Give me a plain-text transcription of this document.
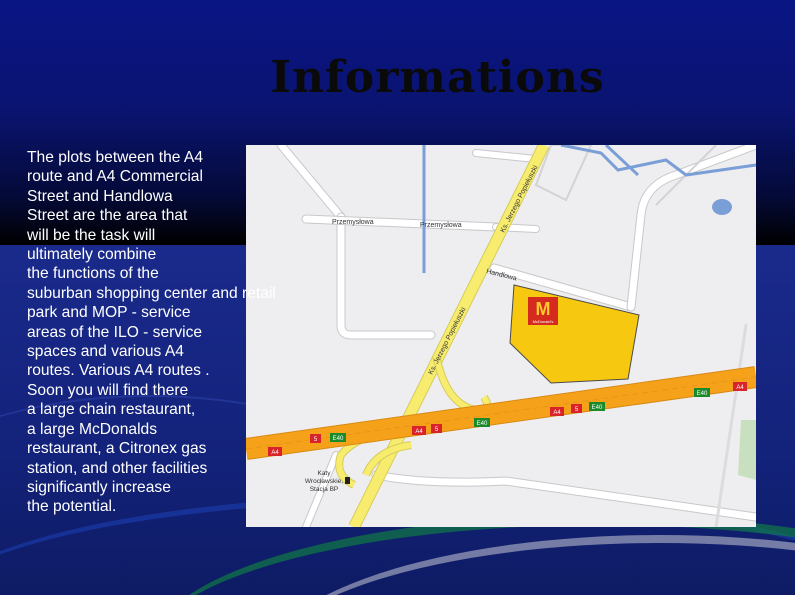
Informations

The plots between the A4
route and A4 Commercial
Street and Handlowa
Street are the area that
will be the task will
ultimately combine
the functions of the
suburban shopping center and retail
park and MOP - service
areas of the ILO - service
spaces and various A4
routes. Various A4 routes .
Soon you will find there
a large chain restaurant,
a large McDonalds
restaurant, a Citronex gas
station, and other facilities
significantly increase
the potential.

M
McDonald's
Przemysłowa	Przemysłowa
Handlowa
Ks. Jerzego Popiełuszki
Ks. Jerzego Popiełuszki
A4
5	E40
A4 5
E40
A4 5 E40
E40
A4
Katy
Wrocławskie,
Stacja BP
